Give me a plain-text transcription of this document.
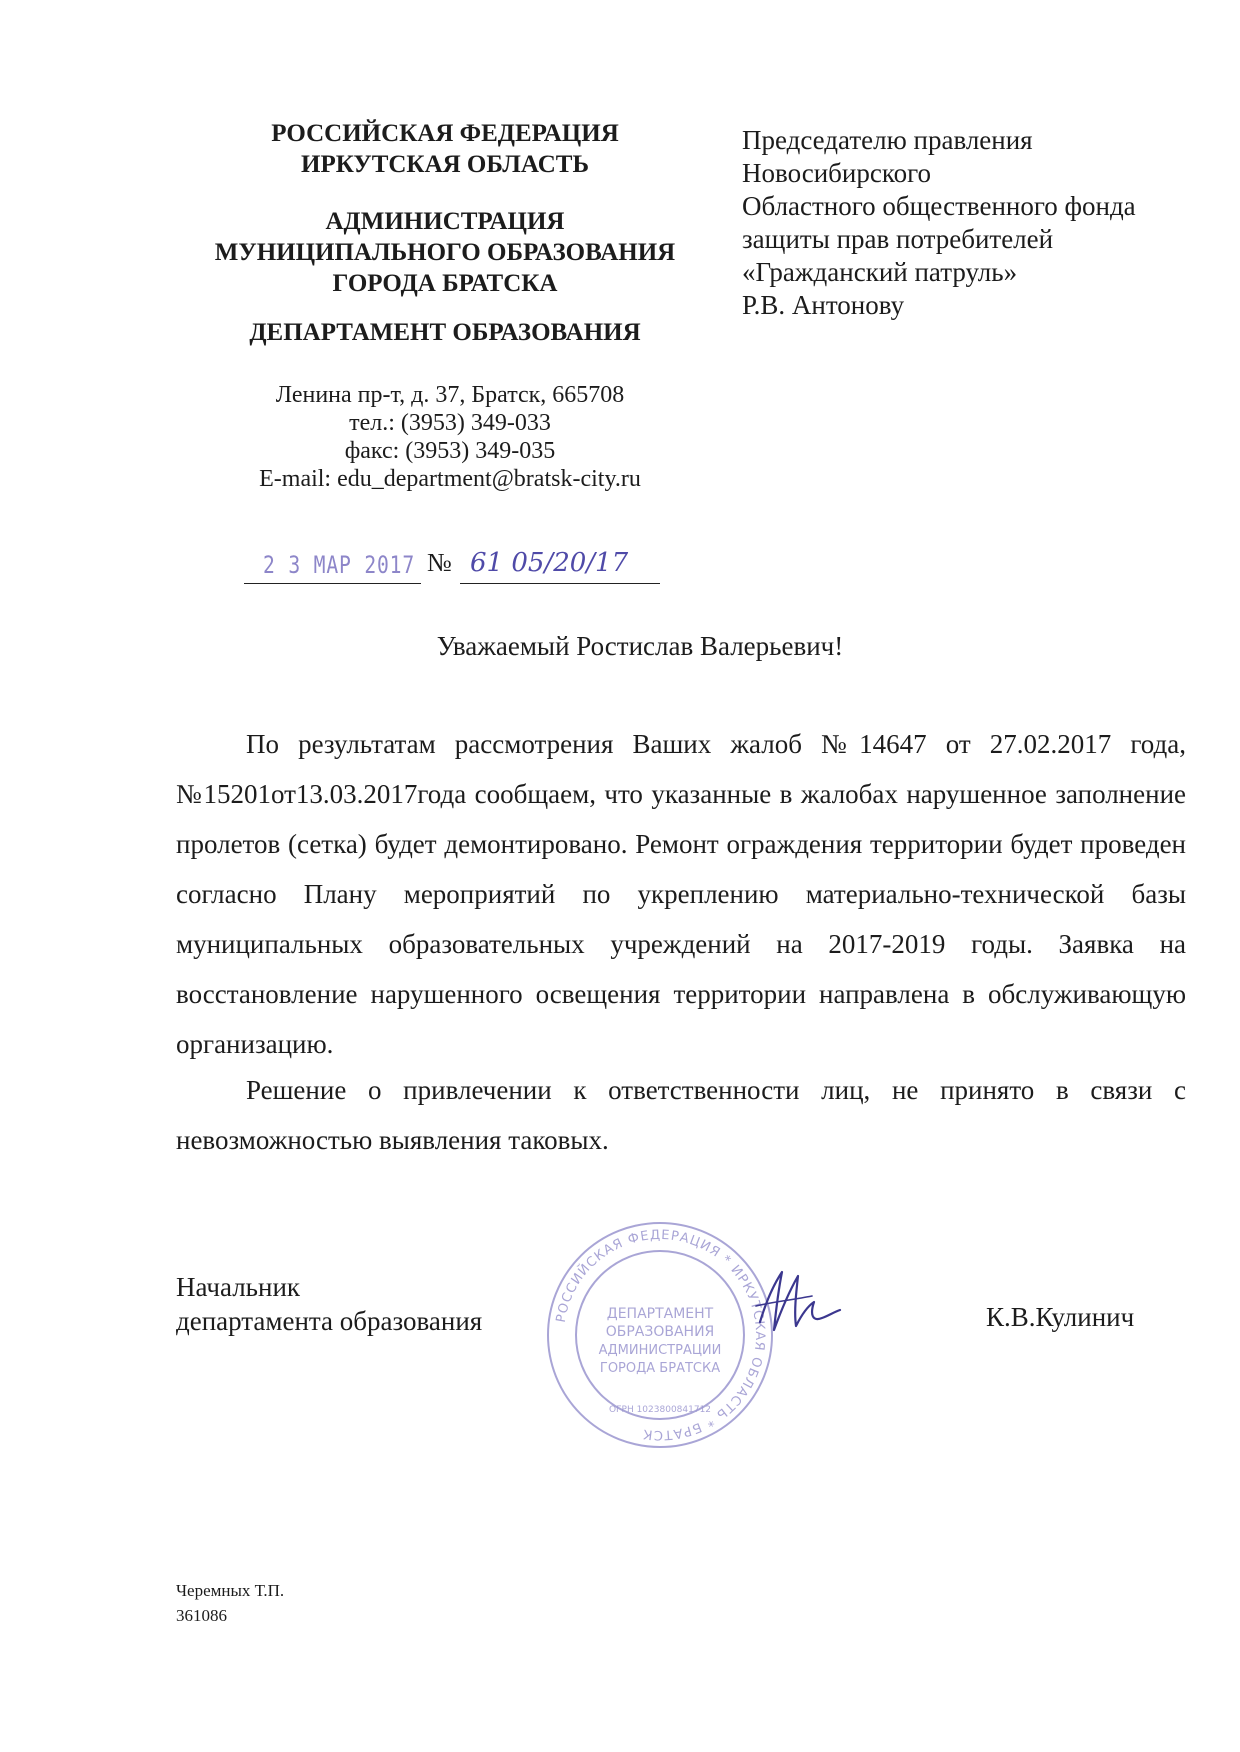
РОССИЙСКАЯ ФЕДЕРАЦИЯ
ИРКУТСКАЯ ОБЛАСТЬ
АДМИНИСТРАЦИЯ
МУНИЦИПАЛЬНОГО ОБРАЗОВАНИЯ
ГОРОДА БРАТСКА
ДЕПАРТАМЕНТ ОБРАЗОВАНИЯ
Ленина пр-т, д. 37, Братск, 665708
тел.: (3953) 349-033
факс: (3953) 349-035
E-mail: edu_department@bratsk-city.ru
Председателю правления
Новосибирского
Областного общественного фонда
защиты прав потребителей
«Гражданский патруль»
Р.В. Антонову
2 3 МАР 2017 № 61 05/20/17
Уважаемый Ростислав Валерьевич!

По результатам рассмотрения Ваших жалоб №14647 от 27.02.2017 года, №15201от13.03.2017года сообщаем, что указанные в жалобах нарушенное заполнение пролетов (сетка) будет демонтировано. Ремонт ограждения территории будет проведен согласно Плану мероприятий по укреплению материально-технической базы муниципальных образовательных учреждений на 2017-2019 годы. Заявка на восстановление нарушенного освещения территории направлена в обслуживающую организацию.

Решение о привлечении к ответственности лиц, не принято в связи с невозможностью выявления таковых.

Начальник
департамента образования	РОССИЙСКАЯ ФЕДЕРАЦИЯ * ИРКУТСКАЯ ОБЛАСТЬ * БРАТСК
ДЕПАРТАМЕНТ
ОБРАЗОВАНИЯ
АДМИНИСТРАЦИИ
ГОРОДА БРАТСКА
ОГРН 1023800841712
К.В.Кулинич
Черемных Т.П.
361086
